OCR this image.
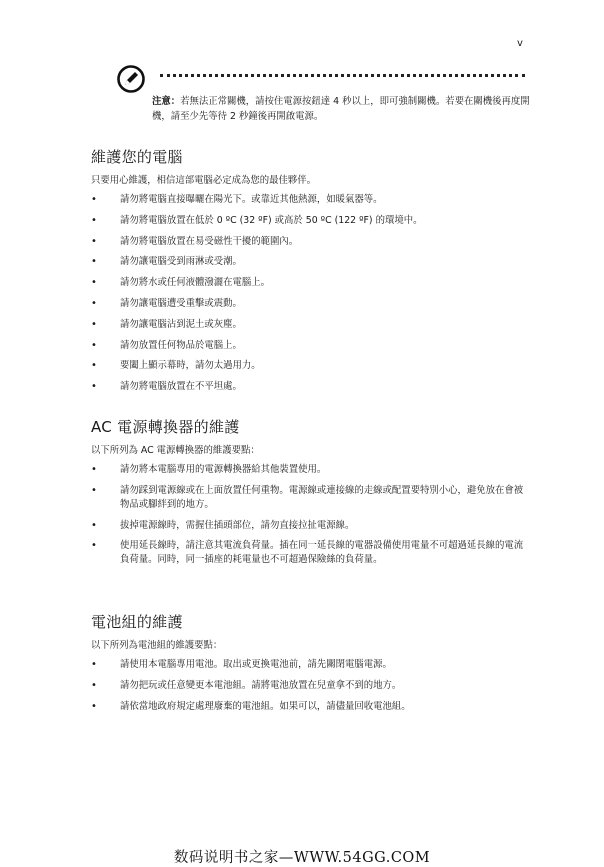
v

注意：若無法正常關機，請按住電源按鈕達 4 秒以上，即可強制關機。若要在關機後再度開機，請至少先等待 2 秒鐘後再開啟電源。

維護您的電腦

只要用心維護，相信這部電腦必定成為您的最佳夥伴。

• 請勿將電腦直接曝曬在陽光下。或靠近其他熱源，如暖氣器等。
• 請勿將電腦放置在低於 0 ºC (32 ºF) 或高於 50 ºC (122 ºF) 的環境中。
• 請勿將電腦放置在易受磁性干擾的範圍內。
• 請勿讓電腦受到雨淋或受潮。
• 請勿將水或任何液體潑灑在電腦上。
• 請勿讓電腦遭受重擊或震動。
• 請勿讓電腦沾到泥土或灰塵。
• 請勿放置任何物品於電腦上。
• 要闔上顯示幕時，請勿太過用力。
• 請勿將電腦放置在不平坦處。
AC 電源轉換器的維護

以下所列為 AC 電源轉換器的維護要點：

• 請勿將本電腦專用的電源轉換器給其他裝置使用。
• 請勿踩到電源線或在上面放置任何重物。電源線或連接線的走線或配置要特別小心，避免放在會被物品或腳絆到的地方。
• 拔掉電源線時，需握住插頭部位，請勿直接拉扯電源線。
• 使用延長線時，請注意其電流負荷量。插在同一延長線的電器設備使用電量不可超過延長線的電流負荷量。同時，同一插座的耗電量也不可超過保險絲的負荷量。
電池組的維護

以下所列為電池組的維護要點：

• 請使用本電腦專用電池。取出或更換電池前，請先關閉電腦電源。
• 請勿把玩或任意變更本電池組。請將電池放置在兒童拿不到的地方。
• 請依當地政府規定處理廢棄的電池組。如果可以，請儘量回收電池組。
数码说明书之家—WWW.54GG.COM
